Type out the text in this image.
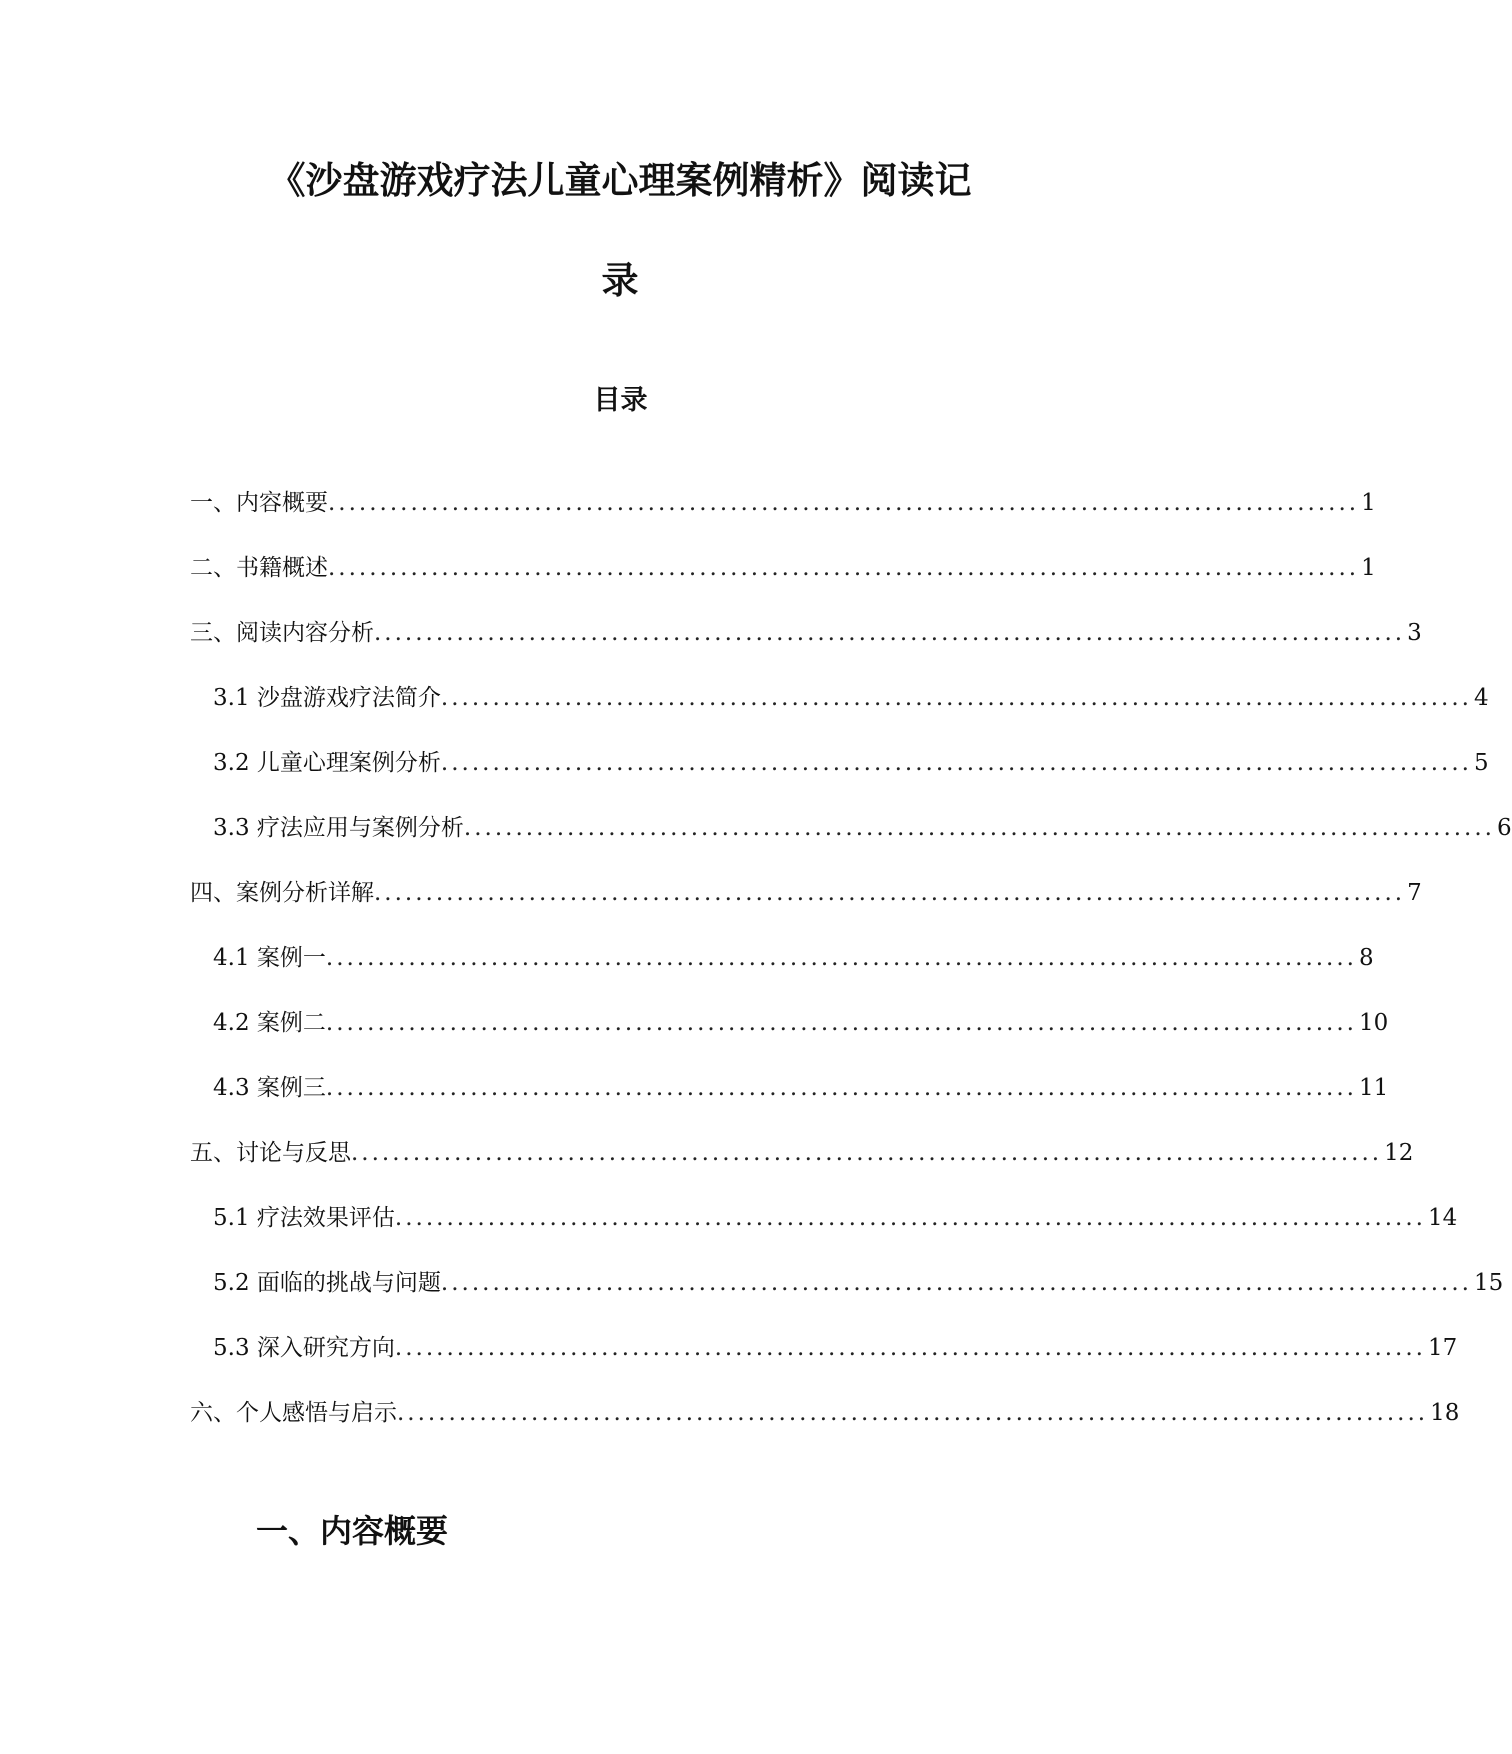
《沙盘游戏疗法儿童心理案例精析》阅读记
录
目录
一、内容概要 .................................................................................................... 1
二、书籍概述 .................................................................................................... 1
三、阅读内容分析 .................................................................................................... 3
3.1 沙盘游戏疗法简介 .................................................................................................... 4
3.2 儿童心理案例分析 .................................................................................................... 5
3.3 疗法应用与案例分析 .................................................................................................... 6
四、案例分析详解 .................................................................................................... 7
4.1 案例一 .................................................................................................... 8
4.2 案例二 .................................................................................................... 10
4.3 案例三 .................................................................................................... 11
五、讨论与反思 .................................................................................................... 12
5.1 疗法效果评估 .................................................................................................... 14
5.2 面临的挑战与问题 .................................................................................................... 15
5.3 深入研究方向 .................................................................................................... 17
六、个人感悟与启示 .................................................................................................... 18
一、内容概要
